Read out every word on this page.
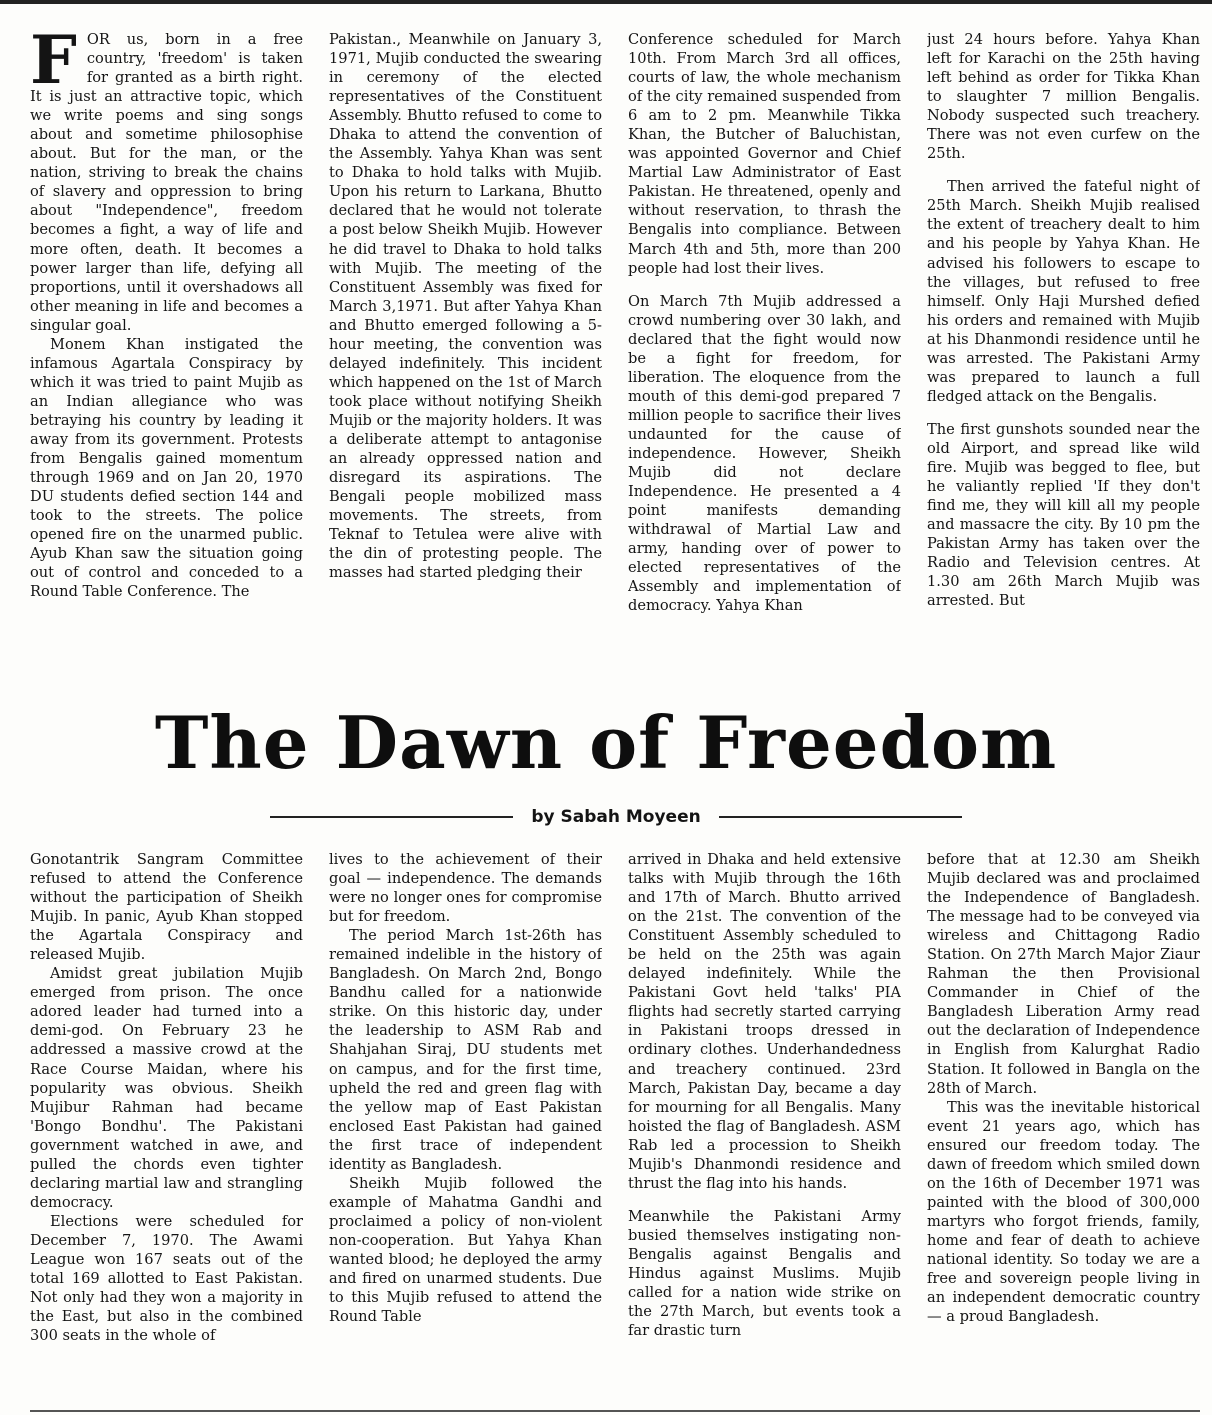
F OR us, born in a free country, 'freedom' is taken for granted as a birth right. It is just an attractive topic, which we write poems and sing songs about and sometime philosophise about. But for the man, or the nation, striving to break the chains of slavery and oppression to bring about "Independence", freedom becomes a fight, a way of life and more often, death. It becomes a power larger than life, defying all proportions, until it overshadows all other meaning in life and becomes a singular goal.

Monem Khan instigated the infamous Agartala Conspiracy by which it was tried to paint Mujib as an Indian allegiance who was betraying his country by leading it away from its government. Protests from Bengalis gained momentum through 1969 and on Jan 20, 1970 DU students defied section 144 and took to the streets. The police opened fire on the unarmed public. Ayub Khan saw the situation going out of control and conceded to a Round Table Conference. The

Pakistan., Meanwhile on January 3, 1971, Mujib conducted the swearing in ceremony of the elected representatives of the Constituent Assembly. Bhutto refused to come to Dhaka to attend the convention of the Assembly. Yahya Khan was sent to Dhaka to hold talks with Mujib. Upon his return to Larkana, Bhutto declared that he would not tolerate a post below Sheikh Mujib. However he did travel to Dhaka to hold talks with Mujib. The meeting of the Constituent Assembly was fixed for March 3,1971. But after Yahya Khan and Bhutto emerged following a 5-hour meeting, the convention was delayed indefinitely. This incident which happened on the 1st of March took place without notifying Sheikh Mujib or the majority holders. It was a deliberate attempt to antagonise an already oppressed nation and disregard its aspirations. The Bengali people mobilized mass movements. The streets, from Teknaf to Tetulea were alive with the din of protesting people. The masses had started pledging their

Conference scheduled for March 10th. From March 3rd all offices, courts of law, the whole mechanism of the city remained suspended from 6 am to 2 pm. Meanwhile Tikka Khan, the Butcher of Baluchistan, was appointed Governor and Chief Martial Law Administrator of East Pakistan. He threatened, openly and without reservation, to thrash the Bengalis into compliance. Between March 4th and 5th, more than 200 people had lost their lives.

On March 7th Mujib addressed a crowd numbering over 30 lakh, and declared that the fight would now be a fight for freedom, for liberation. The eloquence from the mouth of this demi-god prepared 7 million people to sacrifice their lives undaunted for the cause of independence. However, Sheikh Mujib did not declare Independence. He presented a 4 point manifests demanding withdrawal of Martial Law and army, handing over of power to elected representatives of the Assembly and implementation of democracy. Yahya Khan

just 24 hours before. Yahya Khan left for Karachi on the 25th having left behind as order for Tikka Khan to slaughter 7 million Bengalis. Nobody suspected such treachery. There was not even curfew on the 25th.

Then arrived the fateful night of 25th March. Sheikh Mujib realised the extent of treachery dealt to him and his people by Yahya Khan. He advised his followers to escape to the villages, but refused to free himself. Only Haji Murshed defied his orders and remained with Mujib at his Dhanmondi residence until he was arrested. The Pakistani Army was prepared to launch a full fledged attack on the Bengalis.

The first gunshots sounded near the old Airport, and spread like wild fire. Mujib was begged to flee, but he valiantly replied 'If they don't find me, they will kill all my people and massacre the city. By 10 pm the Pakistan Army has taken over the Radio and Television centres. At 1.30 am 26th March Mujib was arrested. But

The Dawn of Freedom
by Sabah Moyeen

Gonotantrik Sangram Committee refused to attend the Conference without the participation of Sheikh Mujib. In panic, Ayub Khan stopped the Agartala Conspiracy and released Mujib.

Amidst great jubilation Mujib emerged from prison. The once adored leader had turned into a demi-god. On February 23 he addressed a massive crowd at the Race Course Maidan, where his popularity was obvious. Sheikh Mujibur Rahman had became 'Bongo Bondhu'. The Pakistani government watched in awe, and pulled the chords even tighter declaring martial law and strangling democracy.

Elections were scheduled for December 7, 1970. The Awami League won 167 seats out of the total 169 allotted to East Pakistan. Not only had they won a majority in the East, but also in the combined 300 seats in the whole of

lives to the achievement of their goal — independence. The demands were no longer ones for compromise but for freedom.

The period March 1st-26th has remained indelible in the history of Bangladesh. On March 2nd, Bongo Bandhu called for a nationwide strike. On this historic day, under the leadership to ASM Rab and Shahjahan Siraj, DU students met on campus, and for the first time, upheld the red and green flag with the yellow map of East Pakistan enclosed East Pakistan had gained the first trace of independent identity as Bangladesh.

Sheikh Mujib followed the example of Mahatma Gandhi and proclaimed a policy of non-violent non-cooperation. But Yahya Khan wanted blood; he deployed the army and fired on unarmed students. Due to this Mujib refused to attend the Round Table

arrived in Dhaka and held extensive talks with Mujib through the 16th and 17th of March. Bhutto arrived on the 21st. The convention of the Constituent Assembly scheduled to be held on the 25th was again delayed indefinitely. While the Pakistani Govt held 'talks' PIA flights had secretly started carrying in Pakistani troops dressed in ordinary clothes. Underhandedness and treachery continued. 23rd March, Pakistan Day, became a day for mourning for all Bengalis. Many hoisted the flag of Bangladesh. ASM Rab led a procession to Sheikh Mujib's Dhanmondi residence and thrust the flag into his hands.

Meanwhile the Pakistani Army busied themselves instigating non-Bengalis against Bengalis and Hindus against Muslims. Mujib called for a nation wide strike on the 27th March, but events took a far drastic turn

before that at 12.30 am Sheikh Mujib declared was and proclaimed the Independence of Bangladesh. The message had to be conveyed via wireless and Chittagong Radio Station. On 27th March Major Ziaur Rahman the then Provisional Commander in Chief of the Bangladesh Liberation Army read out the declaration of Independence in English from Kalurghat Radio Station. It followed in Bangla on the 28th of March.

This was the inevitable historical event 21 years ago, which has ensured our freedom today. The dawn of freedom which smiled down on the 16th of December 1971 was painted with the blood of 300,000 martyrs who forgot friends, family, home and fear of death to achieve national identity. So today we are a free and sovereign people living in an independent democratic country — a proud Bangladesh.
